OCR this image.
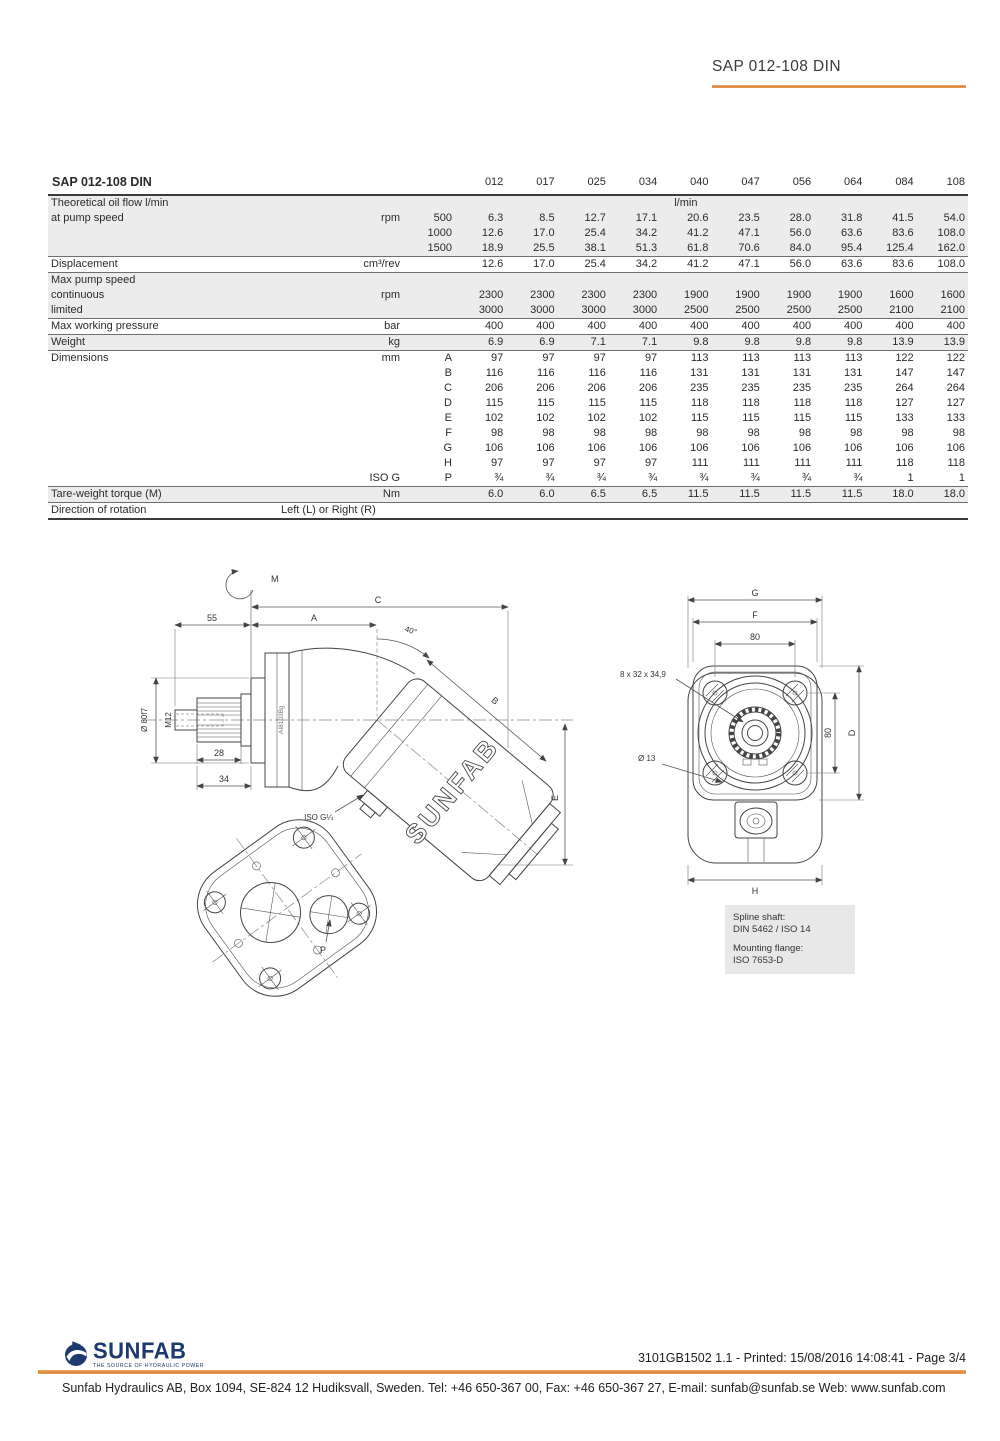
SAP 012-108 DIN
SAP 012-108 DIN			012	017	025	034	040	047	056	064	084	108
Theoretical oil flow l/min							l/min					
at pump speed	rpm	500	6.3	8.5	12.7	17.1	20.6	23.5	28.0	31.8	41.5	54.0
		1000	12.6	17.0	25.4	34.2	41.2	47.1	56.0	63.6	83.6	108.0
		1500	18.9	25.5	38.1	51.3	61.8	70.6	84.0	95.4	125.4	162.0
Displacement	cm³/rev		12.6	17.0	25.4	34.2	41.2	47.1	56.0	63.6	83.6	108.0
Max pump speed												
continuous	rpm		2300	2300	2300	2300	1900	1900	1900	1900	1600	1600
limited			3000	3000	3000	3000	2500	2500	2500	2500	2100	2100
Max working pressure	bar		400	400	400	400	400	400	400	400	400	400
Weight	kg		6.9	6.9	7.1	7.1	9.8	9.8	9.8	9.8	13.9	13.9
Dimensions	mm	A	97	97	97	97	113	113	113	113	122	122
		B	116	116	116	116	131	131	131	131	147	147
		C	206	206	206	206	235	235	235	235	264	264
		D	115	115	115	115	118	118	118	118	127	127
		E	102	102	102	102	115	115	115	115	133	133
		F	98	98	98	98	98	98	98	98	98	98
		G	106	106	106	106	106	106	106	106	106	106
		H	97	97	97	97	111	111	111	111	118	118
	ISO G	P	¾	¾	¾	¾	¾	¾	¾	¾	1	1
Tare-weight torque (M)	Nm		6.0	6.0	6.5	6.5	11.5	11.5	11.5	11.5	18.0	18.0
Direction of rotation	Left (L) or Right (R)											
M
AI8103Bg
SUNFAB
C
55	A
40°
B
E
Ø 80f7 M12
28
34
ISO G¼
P
G
F
80
80 D
H
8 x 32 x 34,9
Ø 13
Spline shaft:
DIN 5462 / ISO 14
Mounting flange:
ISO 7653-D
SUNFAB
THE SOURCE OF HYDRAULIC POWER
3101GB1502 1.1 - Printed: 15/08/2016 14:08:41 - Page 3/4
Sunfab Hydraulics AB, Box 1094, SE-824 12 Hudiksvall, Sweden. Tel: +46 650-367 00, Fax: +46 650-367 27, E-mail: sunfab@sunfab.se Web: www.sunfab.com
